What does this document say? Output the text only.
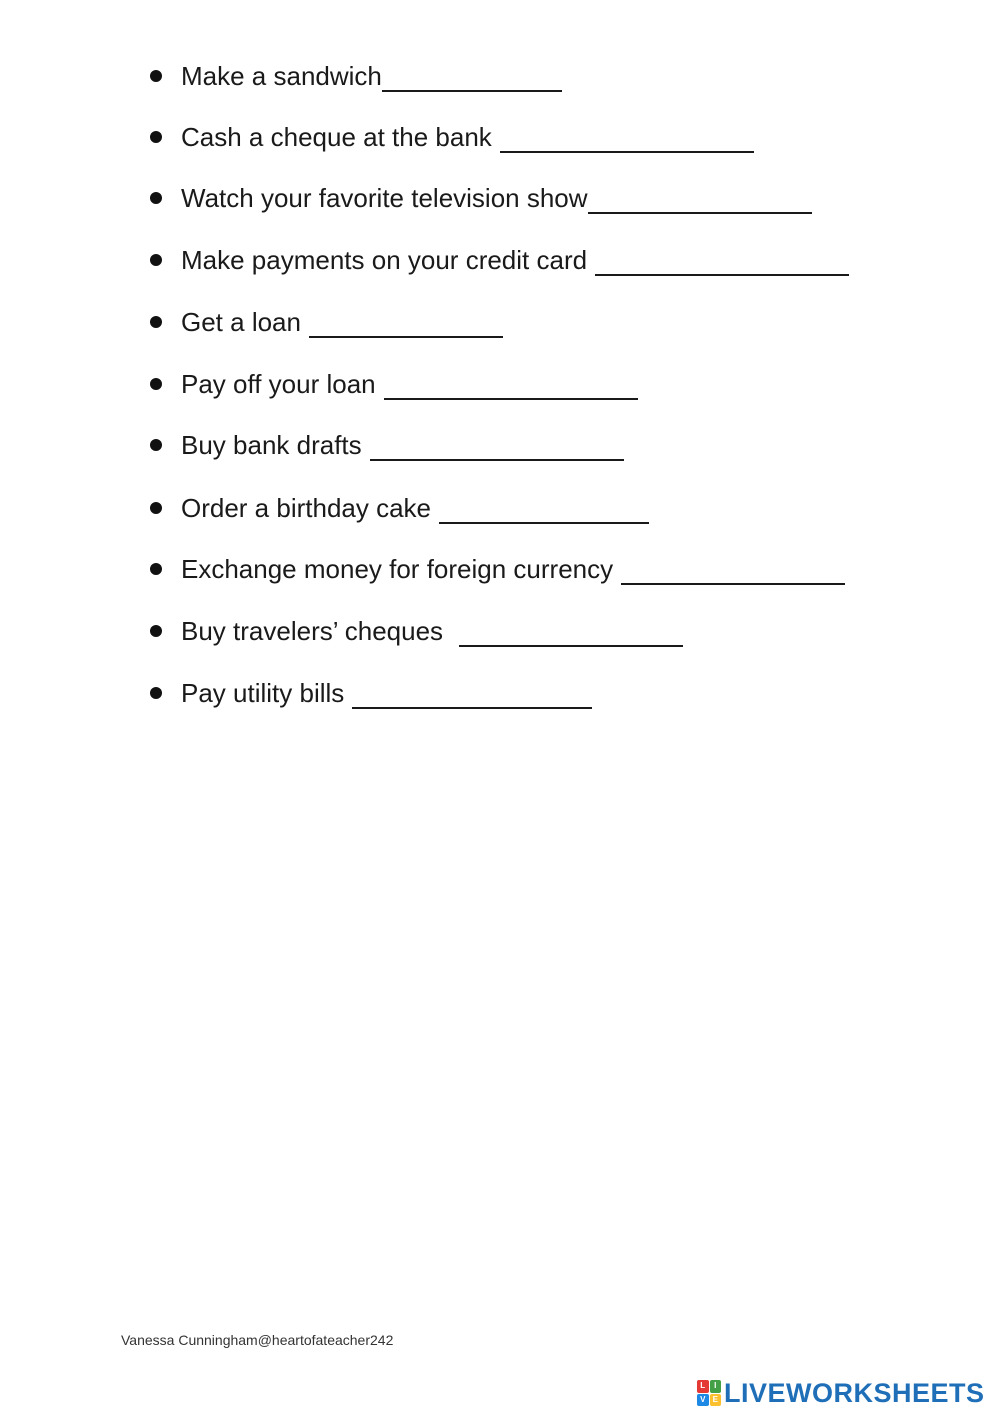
Make a sandwich
Cash a cheque at the bank
Watch your favorite television show
Make payments on your credit card
Get a loan
Pay off your loan
Buy bank drafts
Order a birthday cake
Exchange money for foreign currency
Buy travelers’ cheques
Pay utility bills
Vanessa Cunningham@heartofateacher242
L	I
V E LIVEWORKSHEETS
